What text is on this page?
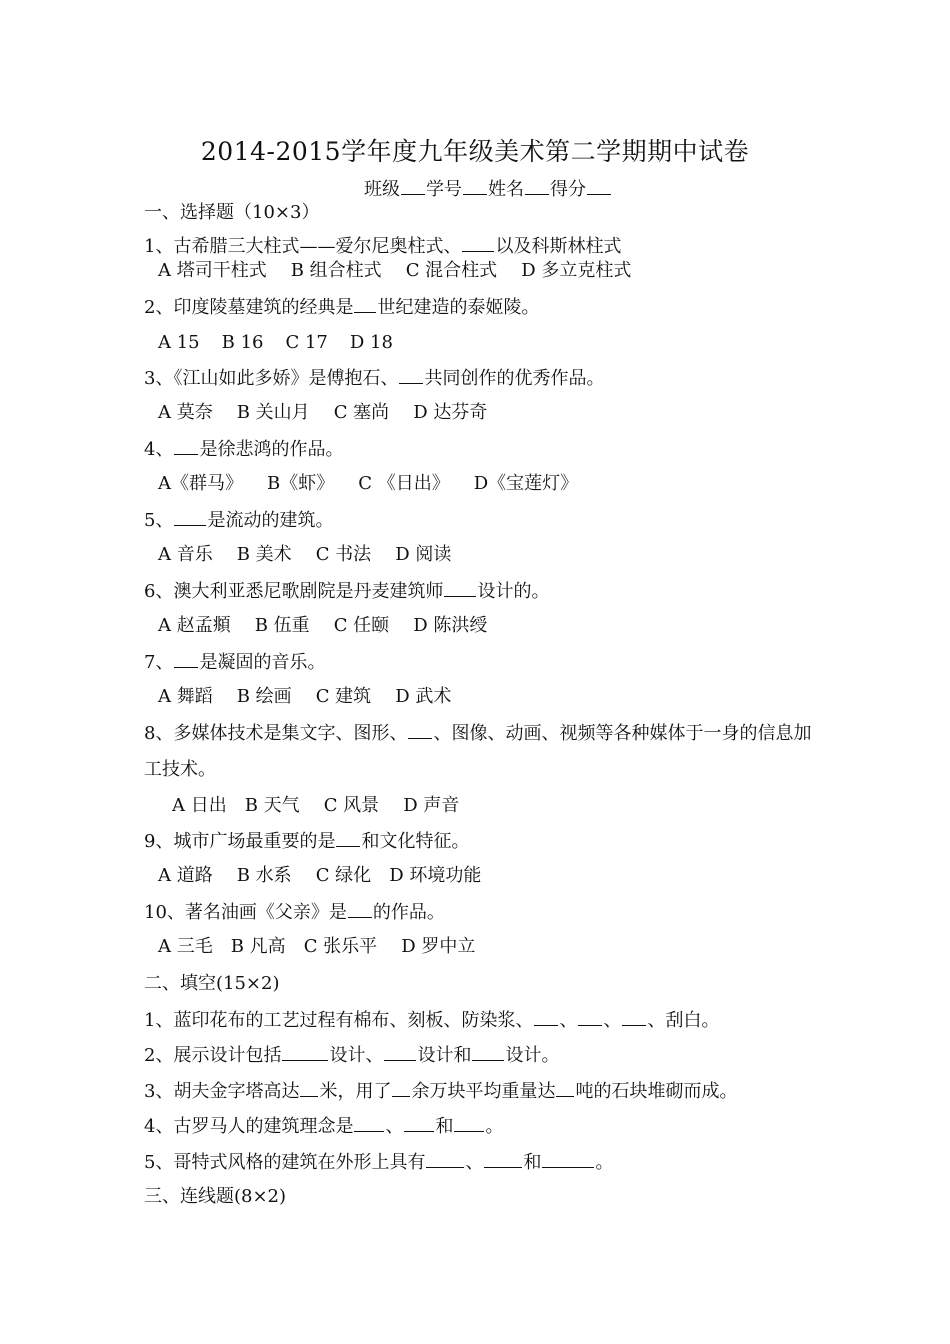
2014-2015学年度九年级美术第二学期期中试卷
班级 学号 姓名 得分
一、选择题（10×3）
1、古希腊三大柱式——爱尔尼奥柱式、 以及科斯林柱式
A 塔司干柱式 B 组合柱式 C 混合柱式 D 多立克柱式
2、印度陵墓建筑的经典是 世纪建造的泰姬陵。
A 15 B 16 C 17 D 18
3、《江山如此多娇》是傅抱石、 共同创作的优秀作品。
A 莫奈 B 关山月 C 塞尚 D 达芬奇
4、 是徐悲鸿的作品。
A《群马》 B《虾》 C 《日出》 D《宝莲灯》
5、 是流动的建筑。
A 音乐 B 美术 C 书法 D 阅读
6、澳大利亚悉尼歌剧院是丹麦建筑师 设计的。
A 赵孟頫 B 伍重 C 任颐 D 陈洪绶
7、 是凝固的音乐。
A 舞蹈 B 绘画 C 建筑 D 武术
8、多媒体技术是集文字、图形、 、图像、动画、视频等各种媒体于一身的信息加
工技术。
A 日出 B 天气 C 风景 D 声音
9、城市广场最重要的是 和文化特征。
A 道路 B 水系 C 绿化 D 环境功能
10、著名油画《父亲》是 的作品。
A 三毛 B 凡高 C 张乐平 D 罗中立
二、填空(15×2)
1、蓝印花布的工艺过程有棉布、刻板、防染浆、 、 、 、刮白。
2、展示设计包括	设计、 设计和 设计。
3、胡夫金字塔高达 米，用了 余万块平均重量达 吨的石块堆砌而成。
4、古罗马人的建筑理念是 、 和 。
5、哥特式风格的建筑在外形上具有 、 和	。
三、连线题(8×2)
